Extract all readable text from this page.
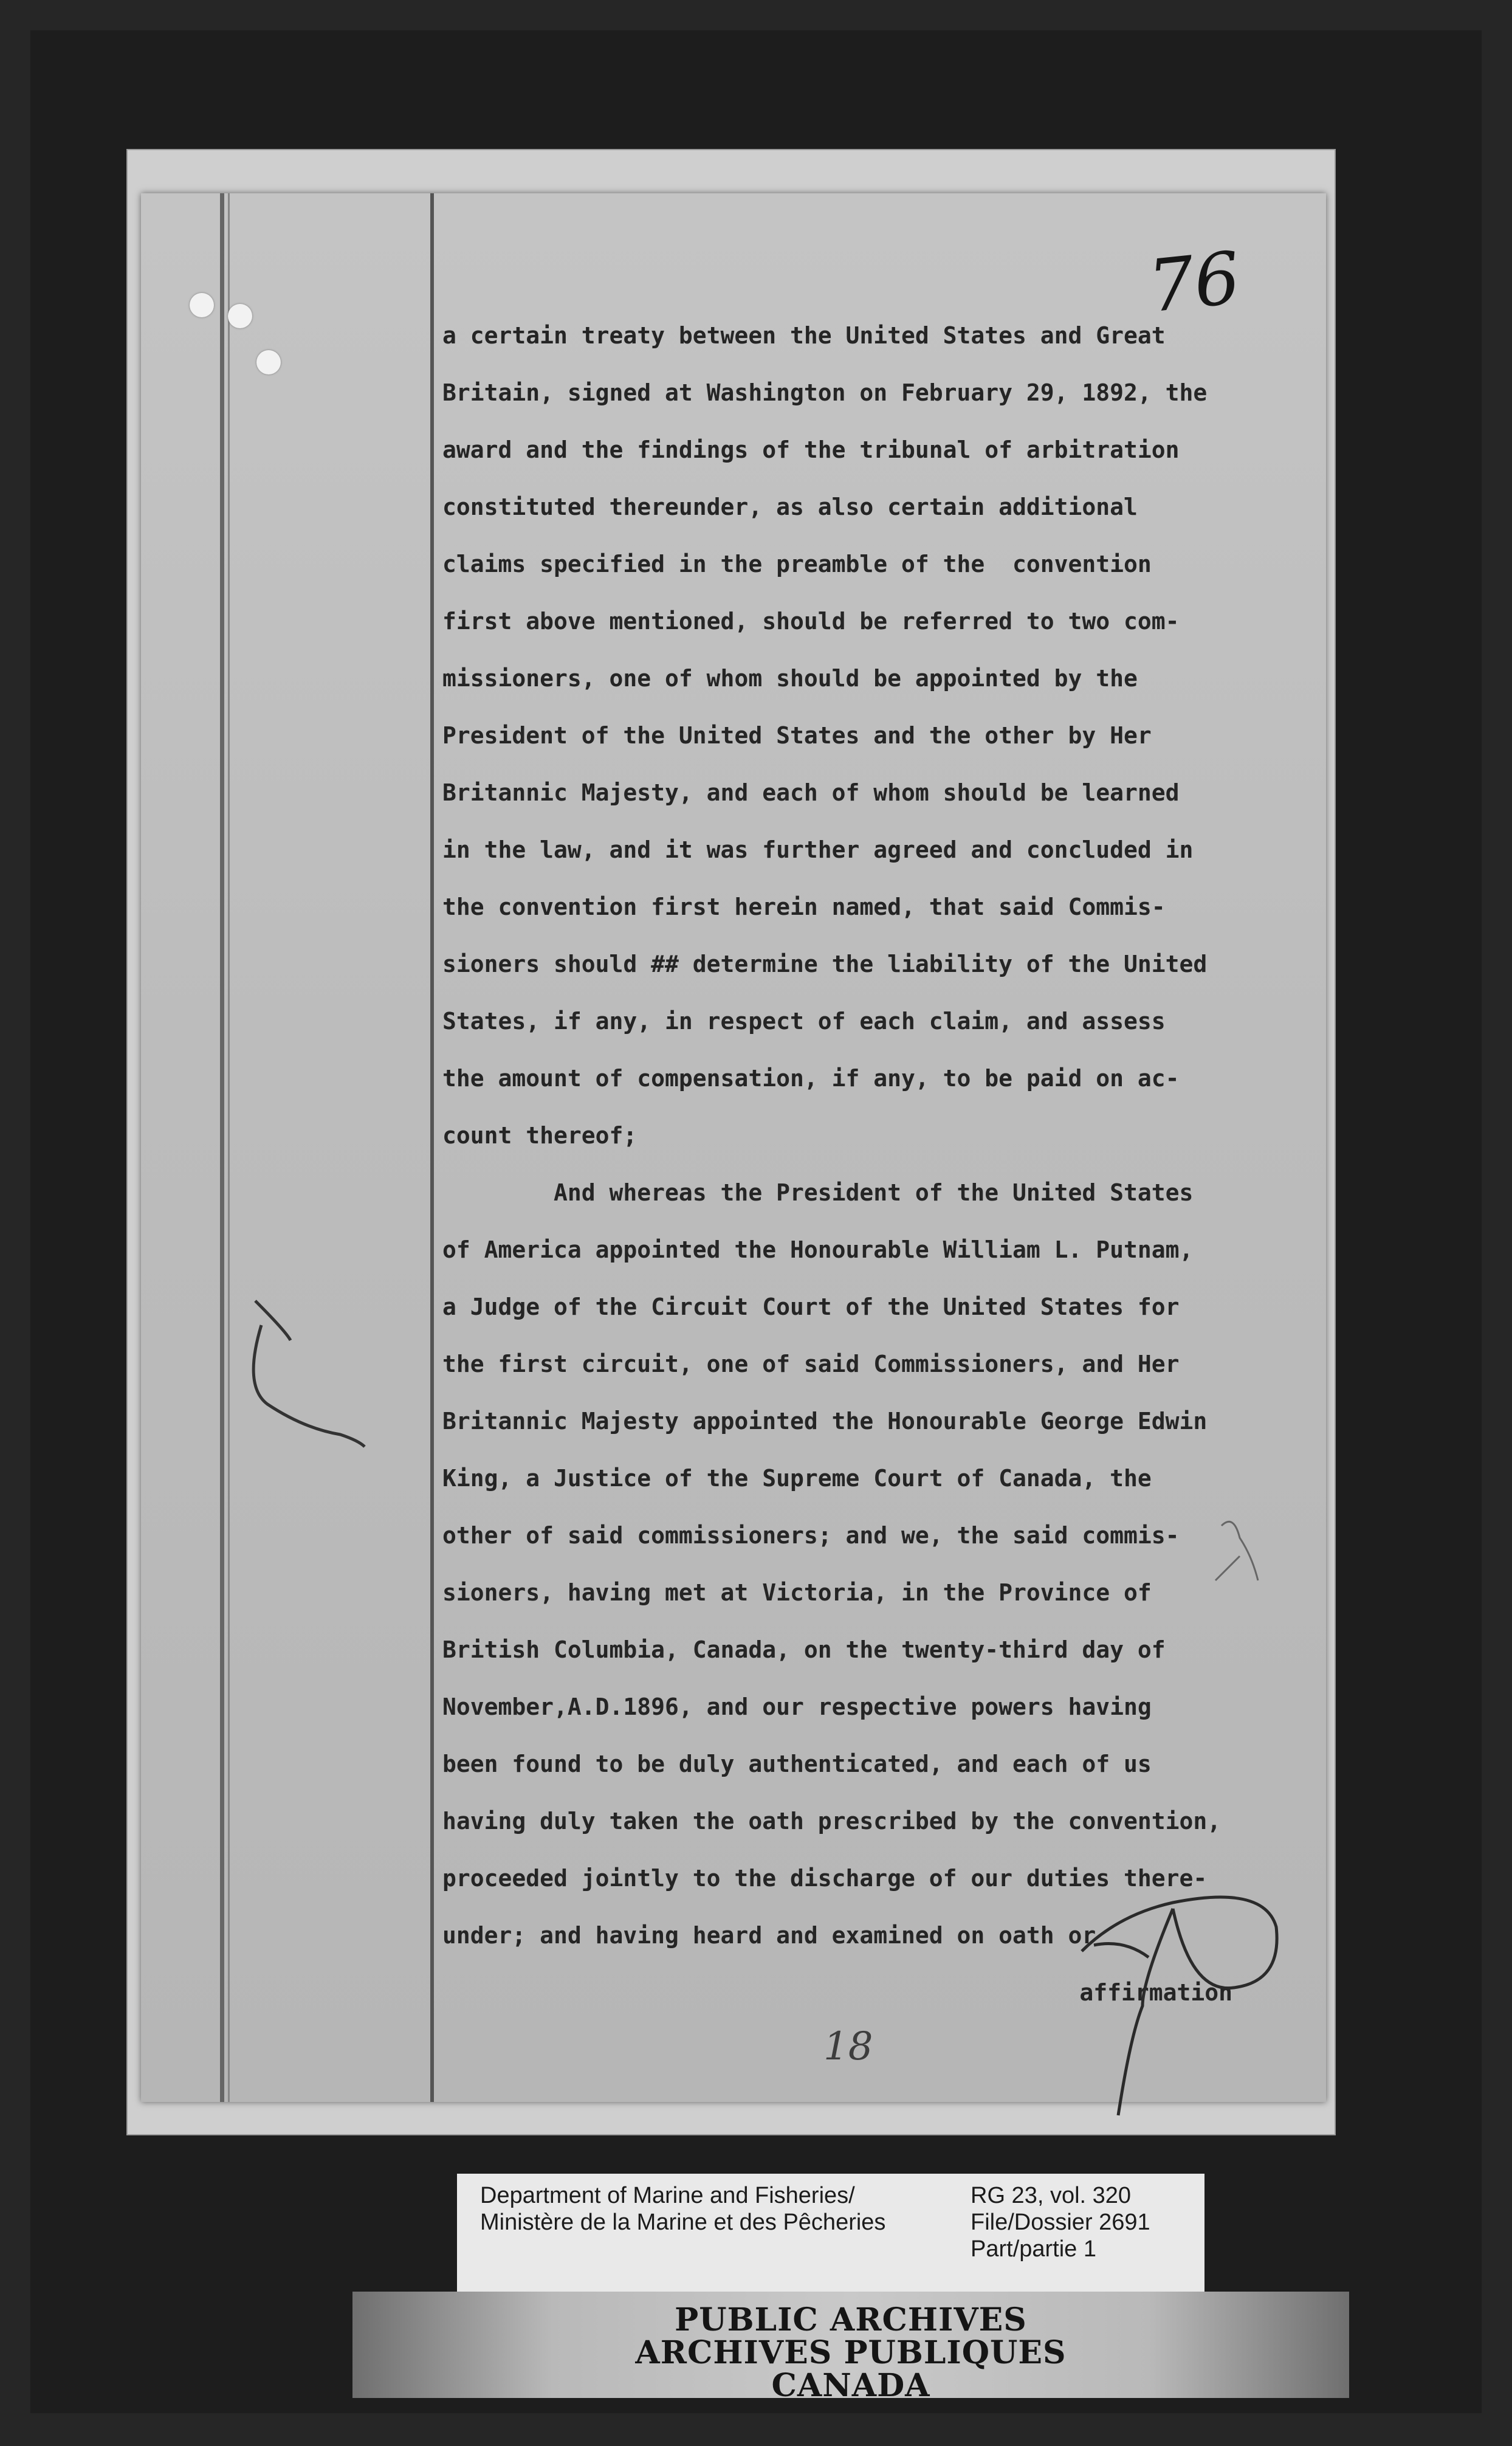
76
a certain treaty between the United States and Great
Britain, signed at Washington on February 29, 1892, the
award and the findings of the tribunal of arbitration
constituted thereunder, as also certain additional
claims specified in the preamble of the  convention
first above mentioned, should be referred to two com-
missioners, one of whom should be appointed by the
President of the United States and the other by Her
Britannic Majesty, and each of whom should be learned
in the law, and it was further agreed and concluded in
the convention first herein named, that said Commis-
sioners should ## determine the liability of the United
States, if any, in respect of each claim, and assess
the amount of compensation, if any, to be paid on ac-
count thereof;
And whereas the President of the United States
of America appointed the Honourable William L. Putnam,
a Judge of the Circuit Court of the United States for
the first circuit, one of said Commissioners, and Her
Britannic Majesty appointed the Honourable George Edwin
King, a Justice of the Supreme Court of Canada, the
other of said commissioners; and we, the said commis-
sioners, having met at Victoria, in the Province of
British Columbia, Canada, on the twenty-third day of
November,A.D.1896, and our respective powers having
been found to be duly authenticated, and each of us
having duly taken the oath prescribed by the convention,
proceeded jointly to the discharge of our duties there-
under; and having heard and examined on oath or
affirmation
18
Department of Marine and Fisheries/
Ministère de la Marine et des Pêcheries
RG 23, vol. 320
File/Dossier 2691
Part/partie 1
PUBLIC ARCHIVES
ARCHIVES PUBLIQUES
CANADA
